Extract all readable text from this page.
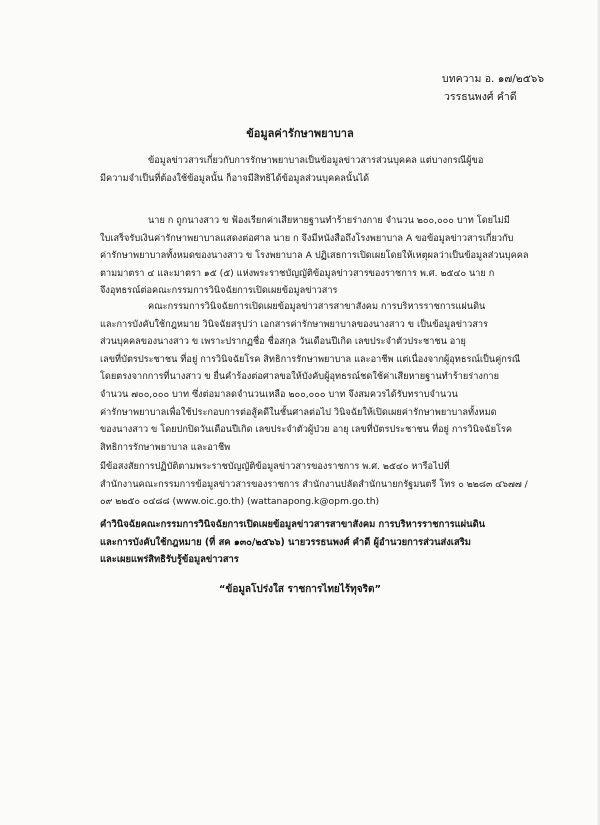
บทความ อ. ๑๗/๒๕๖๖
วรรธนพงศ์ คำดี
ข้อมูลค่ารักษาพยาบาล
ข้อมูลข่าวสารเกี่ยวกับการรักษาพยาบาลเป็นข้อมูลข่าวสารส่วนบุคคล แต่บางกรณีผู้ขอ
มีความจำเป็นที่ต้องใช้ข้อมูลนั้น ก็อาจมีสิทธิได้ข้อมูลส่วนบุคคลนั้นได้
นาย ก ถูกนางสาว ข ฟ้องเรียกค่าเสียหายฐานทำร้ายร่างกาย จำนวน ๒๐๐,๐๐๐ บาท โดยไม่มี
ใบเสร็จรับเงินค่ารักษาพยาบาลแสดงต่อศาล นาย ก จึงมีหนังสือถึงโรงพยาบาล A ขอข้อมูลข่าวสารเกี่ยวกับ
ค่ารักษาพยาบาลทั้งหมดของนางสาว ข โรงพยาบาล A ปฏิเสธการเปิดเผยโดยให้เหตุผลว่าเป็นข้อมูลส่วนบุคคล
ตามมาตรา ๔ และมาตรา ๑๕ (๕) แห่งพระราชบัญญัติข้อมูลข่าวสารของราชการ พ.ศ. ๒๕๔๐ นาย ก
จึงอุทธรณ์ต่อคณะกรรมการวินิจฉัยการเปิดเผยข้อมูลข่าวสาร
คณะกรรมการวินิจฉัยการเปิดเผยข้อมูลข่าวสารสาขาสังคม การบริหารราชการแผ่นดิน
และการบังคับใช้กฎหมาย วินิจฉัยสรุปว่า เอกสารค่ารักษาพยาบาลของนางสาว ข เป็นข้อมูลข่าวสาร
ส่วนบุคคลของนางสาว ข เพราะปรากฏชื่อ ชื่อสกุล วันเดือนปีเกิด เลขประจำตัวประชาชน อายุ
เลขที่บัตรประชาชน ที่อยู่ การวินิจฉัยโรค สิทธิการรักษาพยาบาล และอาชีพ แต่เนื่องจากผู้อุทธรณ์เป็นคู่กรณี
โดยตรงจากการที่นางสาว ข ยื่นคำร้องต่อศาลขอให้บังคับผู้อุทธรณ์ชดใช้ค่าเสียหายฐานทำร้ายร่างกาย
จำนวน ๗๐๐,๐๐๐ บาท ซึ่งต่อมาลดจำนวนเหลือ ๒๐๐,๐๐๐ บาท จึงสมควรได้รับทราบจำนวน
ค่ารักษาพยาบาลเพื่อใช้ประกอบการต่อสู้คดีในชั้นศาลต่อไป วินิจฉัยให้เปิดเผยค่ารักษาพยาบาลทั้งหมด
ของนางสาว ข โดยปกปิดวันเดือนปีเกิด เลขประจำตัวผู้ป่วย อายุ เลขที่บัตรประชาชน ที่อยู่ การวินิจฉัยโรค
สิทธิการรักษาพยาบาล และอาชีพ
มีข้อสงสัยการปฏิบัติตามพระราชบัญญัติข้อมูลข่าวสารของราชการ พ.ศ. ๒๕๔๐ หารือไปที่
สำนักงานคณะกรรมการข้อมูลข่าวสารของราชการ สำนักงานปลัดสำนักนายกรัฐมนตรี โทร ๐ ๒๒๘๓ ๔๖๗๗ /
๐๙ ๒๒๕๐ ๐๔๘๘ (www.oic.go.th) (wattanapong.k@opm.go.th)
คำวินิจฉัยคณะกรรมการวินิจฉัยการเปิดเผยข้อมูลข่าวสารสาขาสังคม การบริหารราชการแผ่นดิน
และการบังคับใช้กฎหมาย (ที่ สค ๑๓๐/๒๕๖๖) นายวรรธนพงศ์ คำดี ผู้อำนวยการส่วนส่งเสริม
และเผยแพร่สิทธิรับรู้ข้อมูลข่าวสาร
“ข้อมูลโปร่งใส ราชการไทยไร้ทุจริต”
